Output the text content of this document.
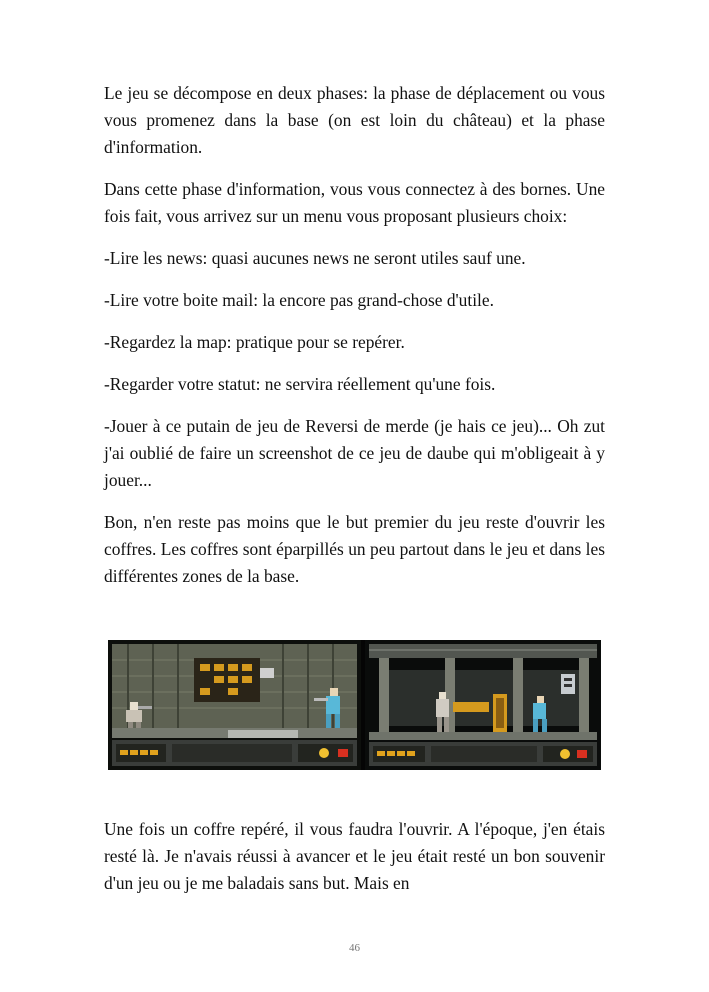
Le jeu se décompose en deux phases: la phase de déplacement ou vous vous promenez dans la base (on est loin du château) et la phase d'information.

Dans cette phase d'information, vous vous connectez à des bornes. Une fois fait, vous arrivez sur un menu vous proposant plusieurs choix:

-Lire les news: quasi aucunes news ne seront utiles sauf une.

-Lire votre boite mail: la encore pas grand-chose d'utile.

-Regardez la map: pratique pour se repérer.

-Regarder votre statut: ne servira réellement qu'une fois.

-Jouer à ce putain de jeu de Reversi de merde (je hais ce jeu)... Oh zut j'ai oublié de faire un screenshot de ce jeu de daube qui m'obligeait à y jouer...

Bon, n'en reste pas moins que le but premier du jeu reste d'ouvrir les coffres. Les coffres sont éparpillés un peu partout dans le jeu et dans les différentes zones de la base.

Une fois un coffre repéré, il vous faudra l'ouvrir. A l'époque, j'en étais resté là. Je n'avais réussi à avancer et le jeu était resté un bon souvenir d'un jeu ou je me baladais sans but. Mais en

46
